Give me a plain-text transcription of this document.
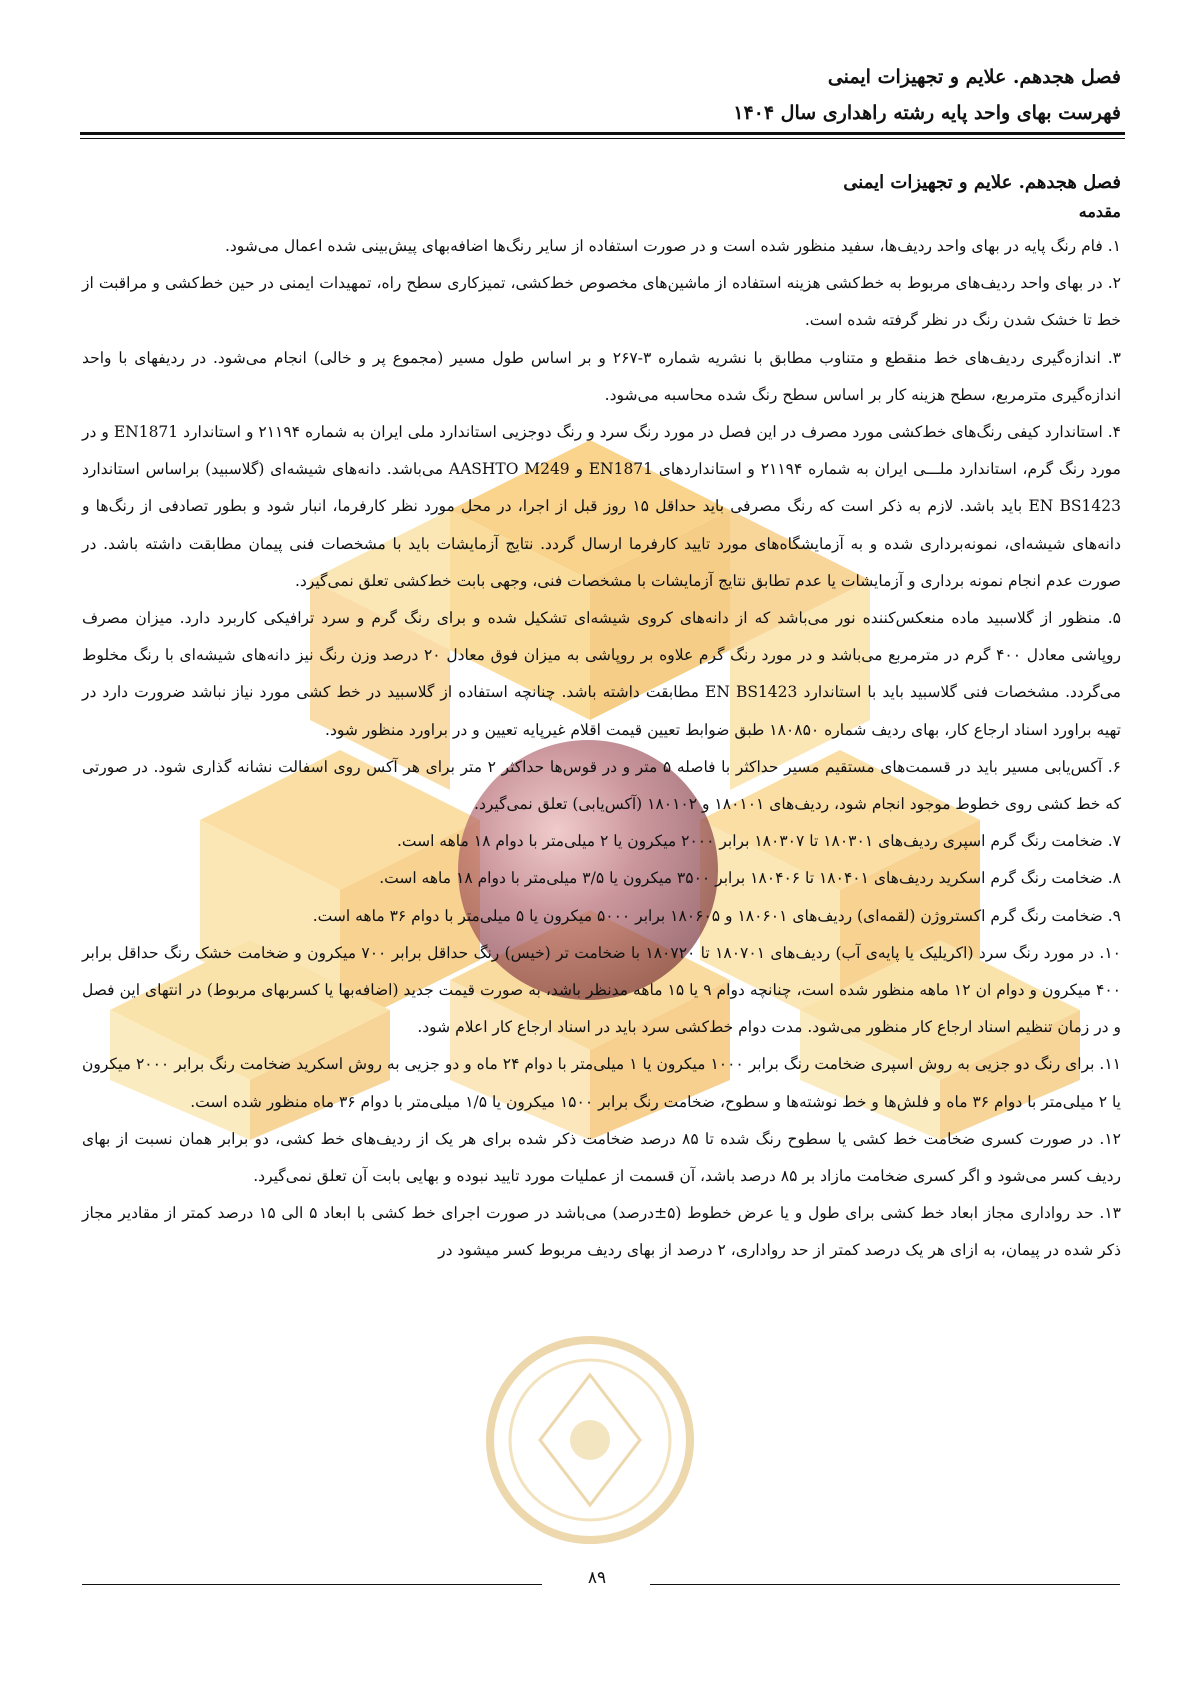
فصل هجدهم. علایم و تجهیزات ایمنی
فهرست بهای واحد پایه رشته راهداری سال ۱۴۰۴
فصل هجدهم. علایم و تجهیزات ایمنی
مقدمه

۱. فام رنگ پایه در بهای واحد ردیف‌ها، سفید منظور شده است و در صورت استفاده از سایر رنگ‌ها اضافه‌بهای پیش‌بینی شده اعمال می‌شود.

۲. در بهای واحد ردیف‌های مربوط به خط‌کشی هزینه استفاده از ماشین‌های مخصوص خط‌کشی، تمیزکاری سطح راه، تمهیدات ایمنی در حین خط‌کشی و مراقبت از خط تا خشک شدن رنگ در نظر گرفته شده است.

۳. اندازه‌گیری ردیف‌های خط منقطع و متناوب مطابق با نشریه شماره ۳-۲۶۷ و بر اساس طول مسیر (مجموع پر و خالی) انجام می‌شود. در ردیفهای با واحد اندازه‌گیری مترمربع، سطح هزینه کار بر اساس سطح رنگ شده محاسبه می‌شود.

۴. استاندارد کیفی رنگ‌های خط‌کشی مورد مصرف در این فصل در مورد رنگ سرد و رنگ دوجزیی استاندارد ملی ایران به شماره ۲۱۱۹۴ و استاندارد EN1871 و در مورد رنگ گرم، استاندارد ملـــی ایران به شماره ۲۱۱۹۴ و استانداردهای EN1871 و AASHTO M249 می‌باشد. دانه‌های شیشه‌ای (گلاسبید) براساس استاندارد EN BS1423 باید باشد. لازم به ذکر است که رنگ مصرفی باید حداقل ۱۵ روز قبل از اجرا، در محل مورد نظر کارفرما، انبار شود و بطور تصادفی از رنگ‌ها و دانه‌های شیشه‌ای، نمونه‌برداری شده و به آزمایشگاه‌های مورد تایید کارفرما ارسال گردد. نتایج آزمایشات باید با مشخصات فنی پیمان مطابقت داشته باشد. در صورت عدم انجام نمونه برداری و آزمایشات یا عدم تطابق نتایج آزمایشات با مشخصات فنی، وجهی بابت خط‌کشی تعلق نمی‌گیرد.

۵. منظور از گلاسبید ماده منعکس‌کننده نور می‌باشد که از دانه‌های کروی شیشه‌ای تشکیل شده و برای رنگ گرم و سرد ترافیکی کاربرد دارد. میزان مصرف روپاشی معادل ۴۰۰ گرم در مترمربع می‌باشد و در مورد رنگ گرم علاوه بر روپاشی به میزان فوق معادل ۲۰ درصد وزن رنگ نیز دانه‌های شیشه‌ای با رنگ مخلوط می‌گردد. مشخصات فنی گلاسبید باید با استاندارد EN BS1423 مطابقت داشته باشد. چنانچه استفاده از گلاسبید در خط کشی مورد نیاز نباشد ضرورت دارد در تهیه براورد اسناد ارجاع کار، بهای ردیف شماره ۱۸۰۸۵۰ طبق ضوابط تعیین قیمت اقلام غیرپایه تعیین و در براورد منظور شود.

۶. آکس‌یابی مسیر باید در قسمت‌های مستقیم مسیر حداکثر با فاصله ۵ متر و در قوس‌ها حداکثر ۲ متر برای هر آکس روی اسفالت نشانه گذاری شود. در صورتی که خط کشی روی خطوط موجود انجام شود، ردیف‌های ۱۸۰۱۰۱ و ۱۸۰۱۰۲ (آکس‌یابی) تعلق نمی‌گیرد.

۷. ضخامت رنگ گرم اسپری ردیف‌های ۱۸۰۳۰۱ تا ۱۸۰۳۰۷ برابر ۲۰۰۰ میکرون یا ۲ میلی‌متر با دوام ۱۸ ماهه است.

۸. ضخامت رنگ گرم اسکرید ردیف‌های ۱۸۰۴۰۱ تا ۱۸۰۴۰۶ برابر ۳۵۰۰ میکرون یا ۳/۵ میلی‌متر با دوام ۱۸ ماهه است.

۹. ضخامت رنگ گرم اکستروژن (لقمه‌ای) ردیف‌های ۱۸۰۶۰۱ و ۱۸۰۶۰۵ برابر ۵۰۰۰ میکرون یا ۵ میلی‌متر با دوام ۳۶ ماهه است.

۱۰. در مورد رنگ سرد (اکریلیک یا پایه‌ی آب) ردیف‌های ۱۸۰۷۰۱ تا ۱۸۰۷۲۰ با ضخامت تر (خیس) رنگ حداقل برابر ۷۰۰ میکرون و ضخامت خشک رنگ حداقل برابر ۴۰۰ میکرون و دوام ان ۱۲ ماهه منظور شده است، چنانچه دوام ۹ یا ۱۵ ماهه مدنظر باشد، به صورت قیمت جدید (اضافه‌بها یا کسربهای مربوط) در انتهای این فصل و در زمان تنظیم اسناد ارجاع کار منظور می‌شود. مدت دوام خط‌کشی سرد باید در اسناد ارجاع کار اعلام شود.

۱۱. برای رنگ دو جزیی به روش اسپری ضخامت رنگ برابر ۱۰۰۰ میکرون یا ۱ میلی‌متر با دوام ۲۴ ماه و دو جزیی به روش اسکرید ضخامت رنگ برابر ۲۰۰۰ میکرون یا ۲ میلی‌متر با دوام ۳۶ ماه و فلش‌ها و خط نوشته‌ها و سطوح، ضخامت رنگ برابر ۱۵۰۰ میکرون یا ۱/۵ میلی‌متر با دوام ۳۶ ماه منظور شده است.

۱۲. در صورت کسری ضخامت خط کشی یا سطوح رنگ شده تا ۸۵ درصد ضخامت ذکر شده برای هر یک از ردیف‌های خط کشی، دو برابر همان نسبت از بهای ردیف کسر می‌شود و اگر کسری ضخامت مازاد بر ۸۵ درصد باشد، آن قسمت از عملیات مورد تایید نبوده و بهایی بابت آن تعلق نمی‌گیرد.

۱۳. حد رواداری مجاز ابعاد خط کشی برای طول و یا عرض خطوط (۵±درصد) می‌باشد در صورت اجرای خط کشی با ابعاد ۵ الی ۱۵ درصد کمتر از مقادیر مجاز ذکر شده در پیمان، به ازای هر یک درصد کمتر از حد رواداری، ۲ درصد از بهای ردیف مربوط کسر میشود در

۸۹
